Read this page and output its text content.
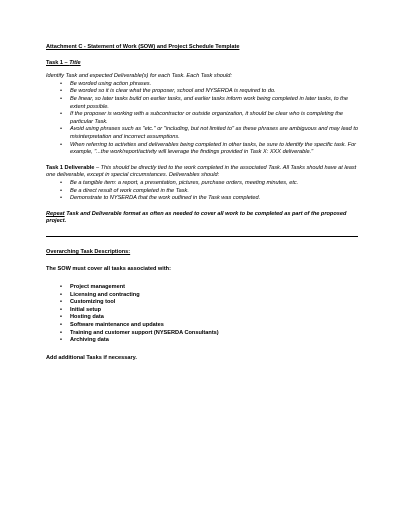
Attachment C - Statement of Work (SOW) and Project Schedule Template

Task 1 – Title

Identify Task and expected Deliverable(s) for each Task. Each Task should:

• Be worded using action phrases.
• Be worded so it is clear what the proposer, school and NYSERDA is required to do.
• Be linear, so later tasks build on earlier tasks, and earlier tasks inform work being completed in later tasks, to the extent possible.
• If the proposer is working with a subcontractor or outside organization, it should be clear who is completing the particular Task.
• Avoid using phrases such as "etc." or "including, but not limited to" as these phrases are ambiguous and may lead to misinterpretation and incorrect assumptions.
• When referring to activities and deliverables being completed in other tasks, be sure to identify the specific task. For example, "...the work/report/activity will leverage the findings provided in Task X: XXX deliverable."

Task 1 Deliverable – This should be directly tied to the work completed in the associated Task. All Tasks should have at least one deliverable, except in special circumstances. Deliverables should:

• Be a tangible item: a report, a presentation, pictures, purchase orders, meeting minutes, etc.
• Be a direct result of work completed in the Task.
• Demonstrate to NYSERDA that the work outlined in the Task was completed.

Repeat Task and Deliverable format as often as needed to cover all work to be completed as part of the proposed project.

Overarching Task Descriptions:

The SOW must cover all tasks associated with:

• Project management
• Licensing and contracting
• Customizing tool
• Initial setup
• Hosting data
• Software maintenance and updates
• Training and customer support (NYSERDA Consultants)
• Archiving data

Add additional Tasks if necessary.
